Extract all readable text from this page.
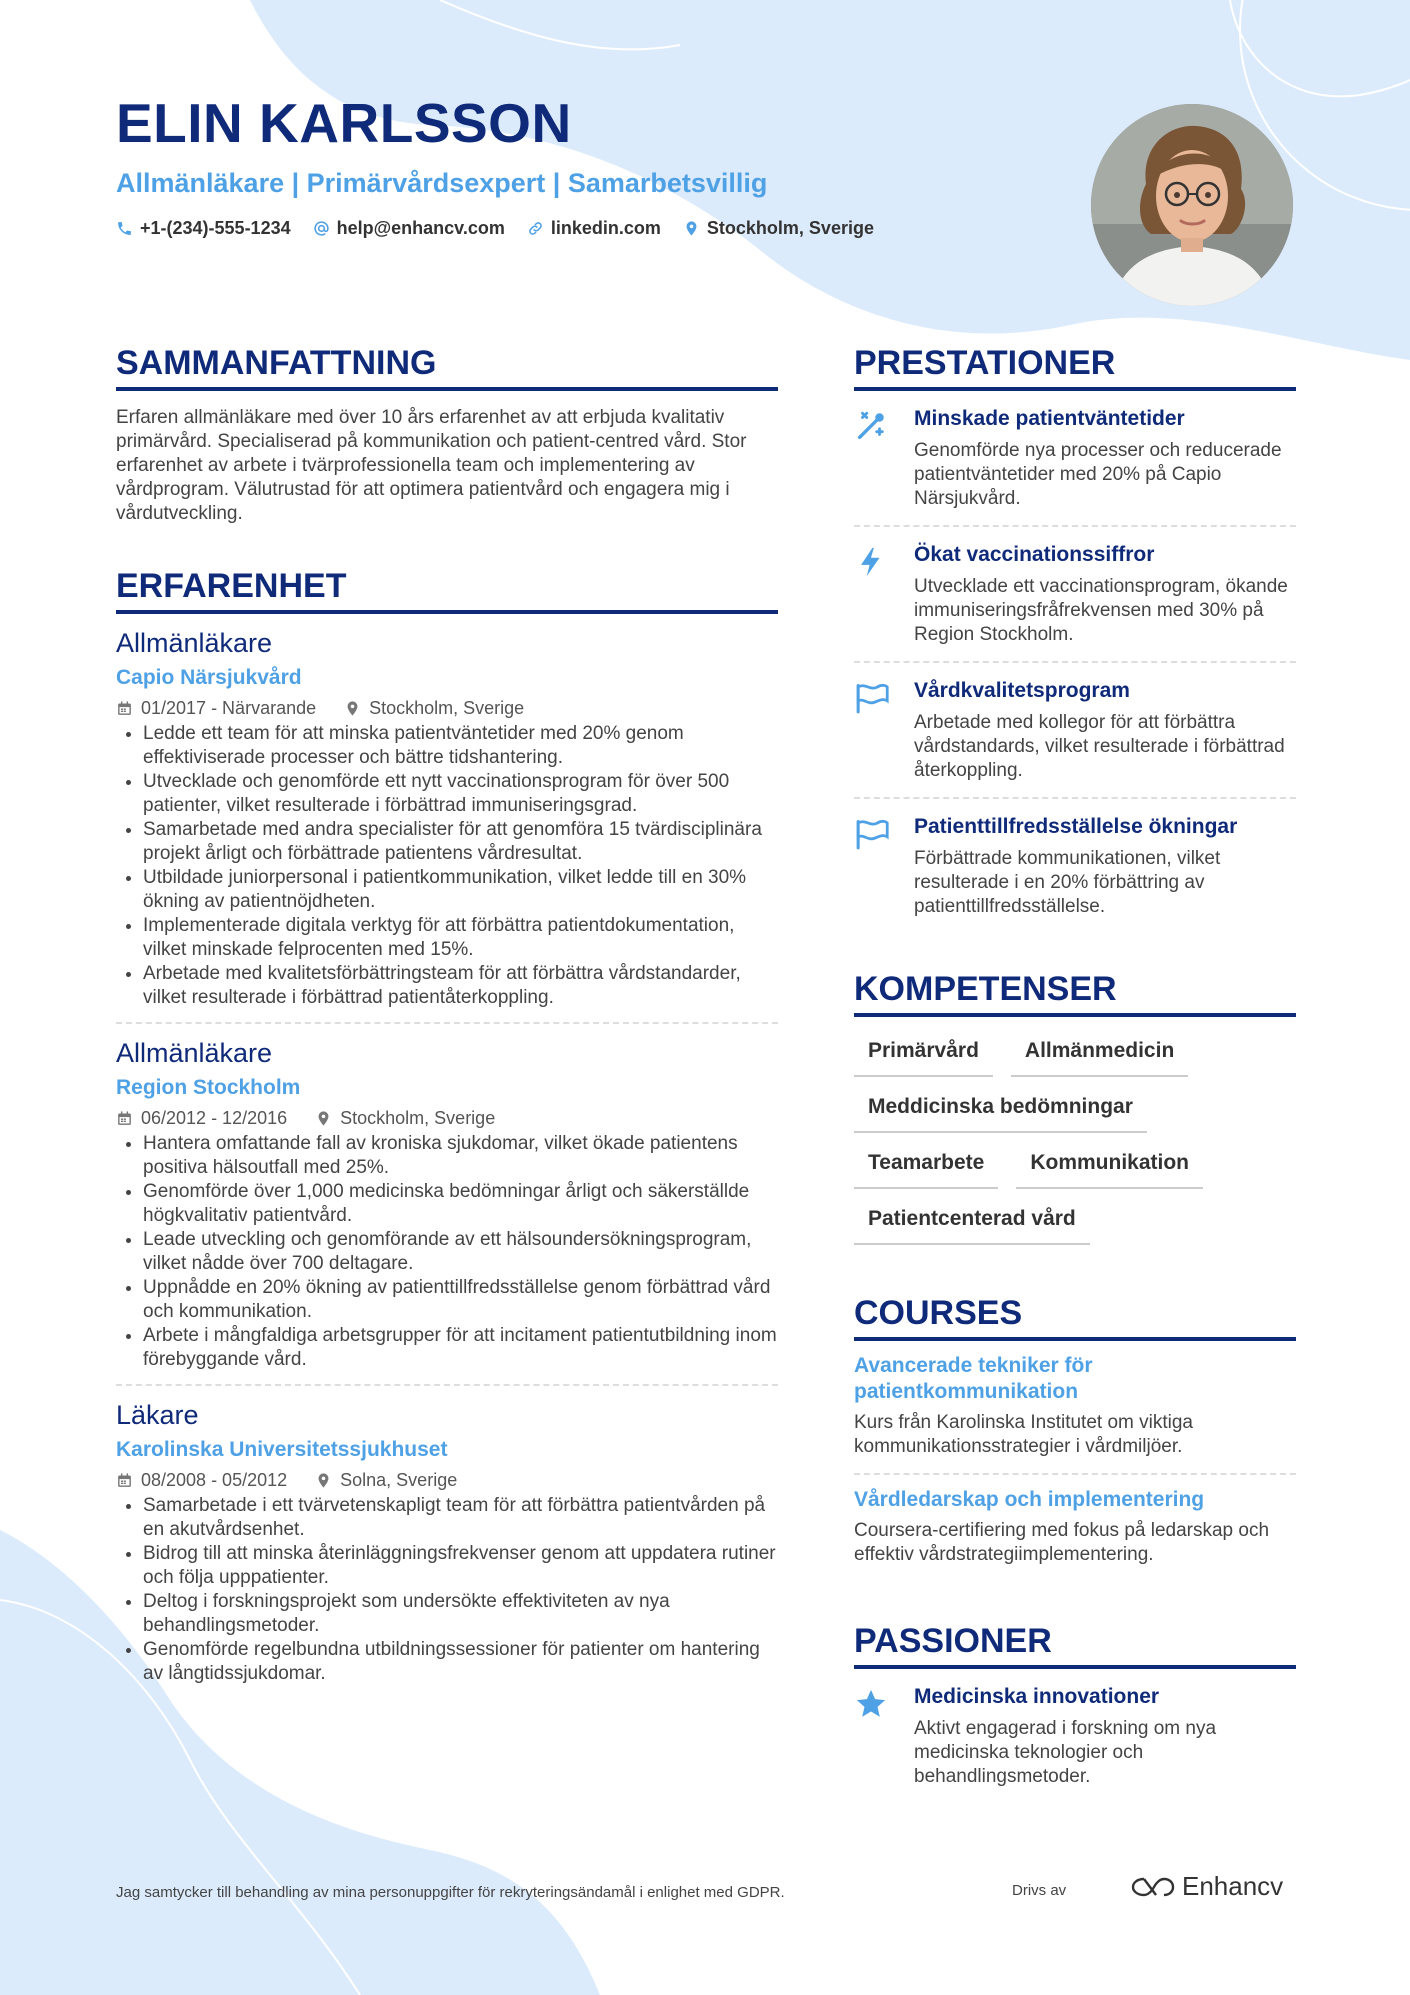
ELIN KARLSSON
Allmänläkare | Primärvårdsexpert | Samarbetsvillig
+1-(234)-555-1234	help@enhancv.com	linkedin.com	Stockholm, Sverige
SAMMANFATTNING
Erfaren allmänläkare med över 10 års erfarenhet av att erbjuda kvalitativ primärvård. Specialiserad på kommunikation och patient-centred vård. Stor erfarenhet av arbete i tvärprofessionella team och implementering av vårdprogram. Välutrustad för att optimera patientvård och engagera mig i vårdutveckling.
ERFARENHET
Allmänläkare
Capio Närsjukvård
01/2017 - Närvarande	Stockholm, Sverige
• Ledde ett team för att minska patientväntetider med 20% genom effektiviserade processer och bättre tidshantering.
• Utvecklade och genomförde ett nytt vaccinationsprogram för över 500 patienter, vilket resulterade i förbättrad immuniseringsgrad.
• Samarbetade med andra specialister för att genomföra 15 tvärdisciplinära projekt årligt och förbättrade patientens vårdresultat.
• Utbildade juniorpersonal i patientkommunikation, vilket ledde till en 30% ökning av patientnöjdheten.
• Implementerade digitala verktyg för att förbättra patientdokumentation, vilket minskade felprocenten med 15%.
• Arbetade med kvalitetsförbättringsteam för att förbättra vårdstandarder, vilket resulterade i förbättrad patientåterkoppling.
Allmänläkare
Region Stockholm
06/2012 - 12/2016	Stockholm, Sverige
• Hantera omfattande fall av kroniska sjukdomar, vilket ökade patientens positiva hälsoutfall med 25%.
• Genomförde över 1,000 medicinska bedömningar årligt och säkerställde högkvalitativ patientvård.
• Leade utveckling och genomförande av ett hälsoundersökningsprogram, vilket nådde över 700 deltagare.
• Uppnådde en 20% ökning av patienttillfredsställelse genom förbättrad vård och kommunikation.
• Arbete i mångfaldiga arbetsgrupper för att incitament patientutbildning inom förebyggande vård.
Läkare
Karolinska Universitetssjukhuset
08/2008 - 05/2012	Solna, Sverige
• Samarbetade i ett tvärvetenskapligt team för att förbättra patientvården på en akutvårdsenhet.
• Bidrog till att minska återinläggningsfrekvenser genom att uppdatera rutiner och följa upppatienter.
• Deltog i forskningsprojekt som undersökte effektiviteten av nya behandlingsmetoder.
• Genomförde regelbundna utbildningssessioner för patienter om hantering av långtidssjukdomar.
PRESTATIONER
Minskade patientväntetider
Genomförde nya processer och reducerade patientväntetider med 20% på Capio Närsjukvård.
Ökat vaccinationssiffror
Utvecklade ett vaccinationsprogram, ökande immuniseringsfråfrekvensen med 30% på Region Stockholm.
Vårdkvalitetsprogram
Arbetade med kollegor för att förbättra vårdstandards, vilket resulterade i förbättrad återkoppling.
Patienttillfredsställelse ökningar
Förbättrade kommunikationen, vilket resulterade i en 20% förbättring av patienttillfredsställelse.
KOMPETENSER
Primärvård	Allmänmedicin
Meddicinska bedömningar
Teamarbete	Kommunikation
Patientcenterad vård
COURSES
Avancerade tekniker för patientkommunikation
Kurs från Karolinska Institutet om viktiga kommunikationsstrategier i vårdmiljöer.
Vårdledarskap och implementering
Coursera-certifiering med fokus på ledarskap och effektiv vårdstrategiimplementering.
PASSIONER
Medicinska innovationer
Aktivt engagerad i forskning om nya medicinska teknologier och behandlingsmetoder.
Jag samtycker till behandling av mina personuppgifter för rekryteringsändamål i enlighet med GDPR.	Drivs av	Enhancv
